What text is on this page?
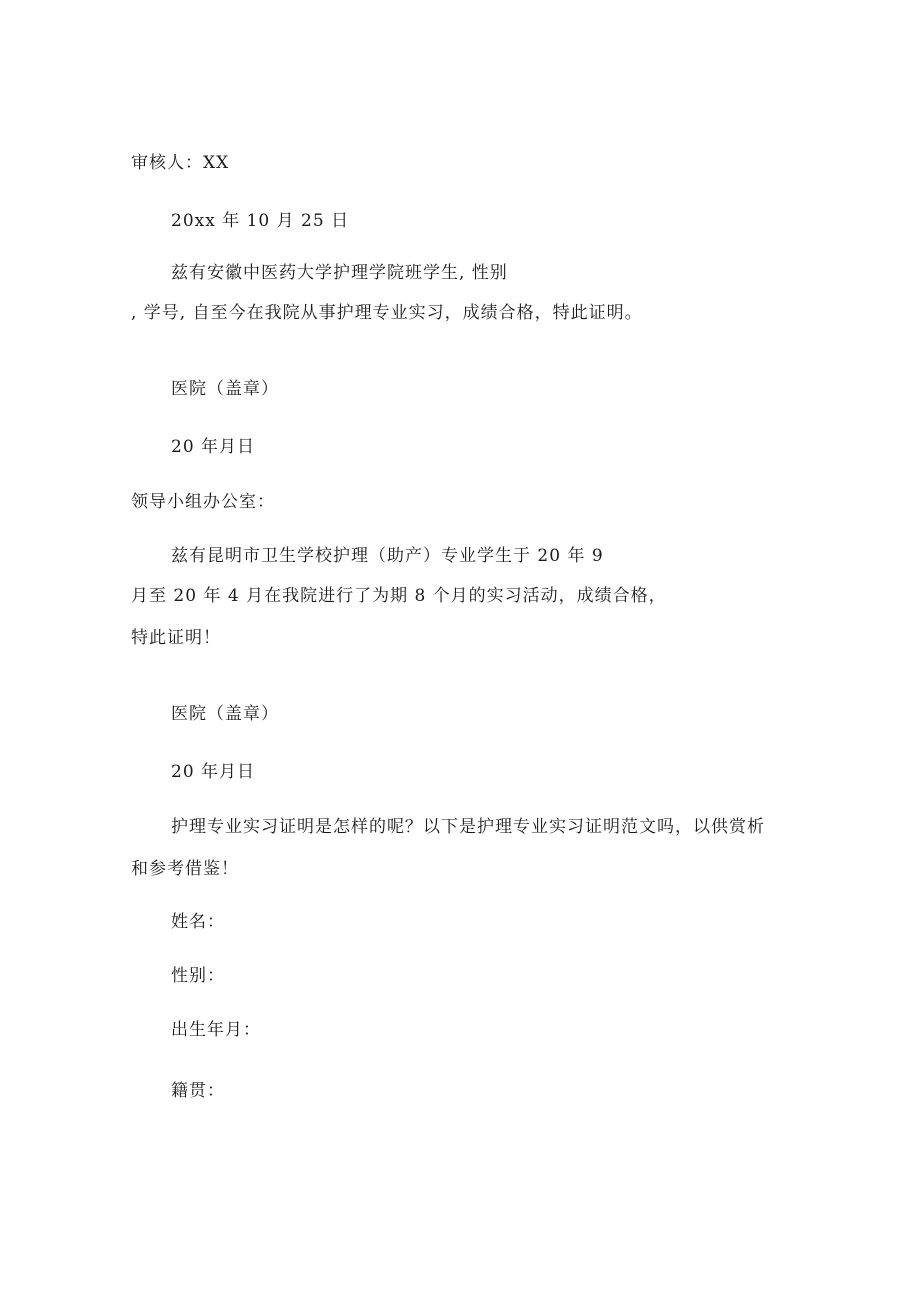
审核人：XX
20xx 年 10 月 25 日
兹有安徽中医药大学护理学院班学生, 性别
, 学号, 自至今在我院从事护理专业实习，成绩合格，特此证明。
医院（盖章）
20 年月日
领导小组办公室：
兹有昆明市卫生学校护理（助产）专业学生于 20 年 9
月至 20 年 4 月在我院进行了为期 8 个月的实习活动，成绩合格，
特此证明！
医院（盖章）
20 年月日
护理专业实习证明是怎样的呢？以下是护理专业实习证明范文吗，以供赏析
和参考借鉴！
姓名：
性别：
出生年月：
籍贯：
